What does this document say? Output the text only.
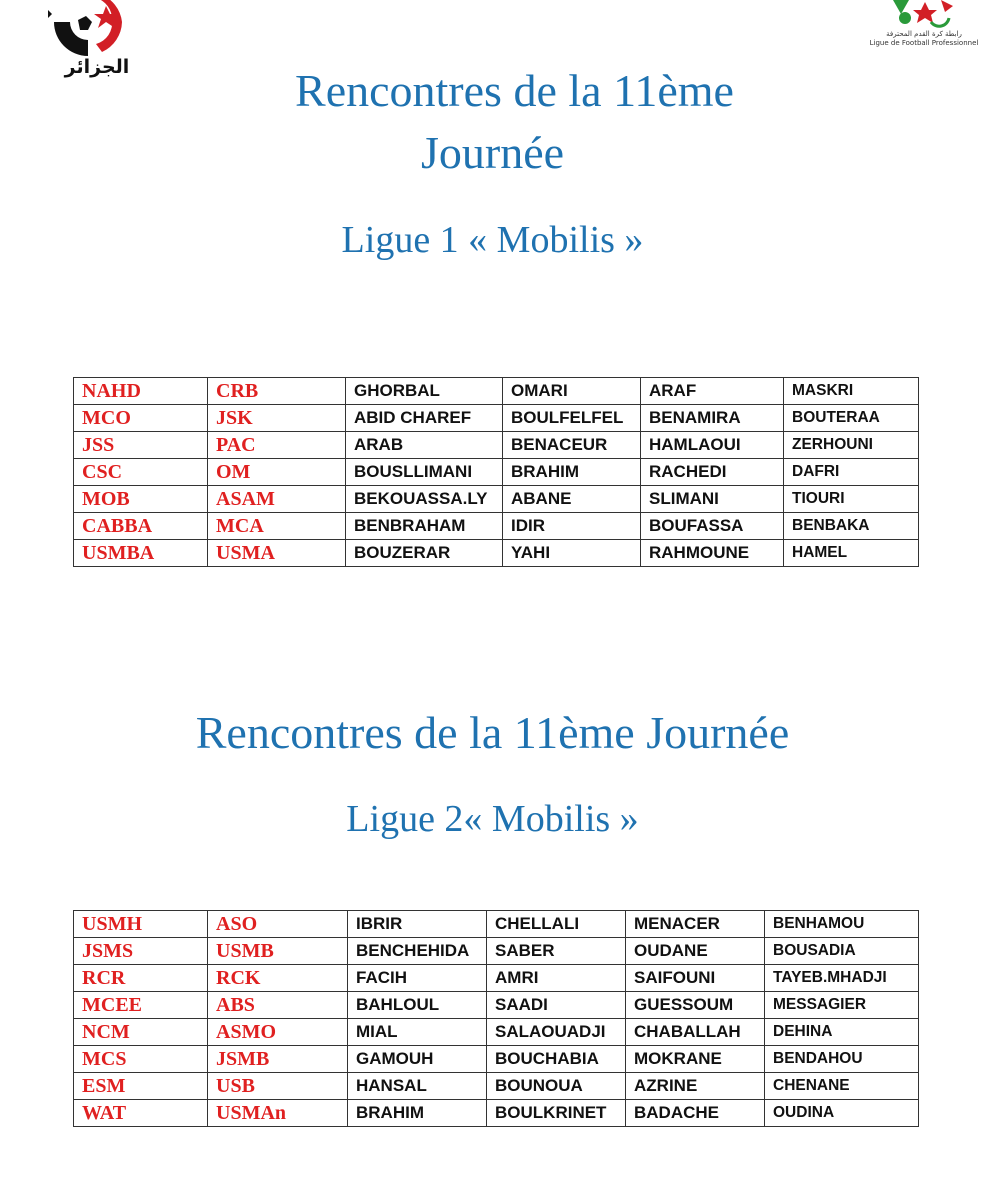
الجزائر
رابطة كرة القدم المحترفة
Ligue de Football Professionnel
Rencontres de la 11ème
Journée
Ligue 1 « Mobilis »
NAHD	CRB	GHORBAL	OMARI	ARAF	MASKRI
MCO	JSK	ABID CHAREF	BOULFELFEL	BENAMIRA	BOUTERAA
JSS	PAC	ARAB	BENACEUR	HAMLAOUI	ZERHOUNI
CSC	OM	BOUSLLIMANI	BRAHIM	RACHEDI	DAFRI
MOB	ASAM	BEKOUASSA.LY	ABANE	SLIMANI	TIOURI
CABBA	MCA	BENBRAHAM	IDIR	BOUFASSA	BENBAKA
USMBA	USMA	BOUZERAR	YAHI	RAHMOUNE	HAMEL
Rencontres de la 11ème Journée
Ligue 2« Mobilis »
USMH	ASO	IBRIR	CHELLALI	MENACER	BENHAMOU
JSMS	USMB	BENCHEHIDA	SABER	OUDANE	BOUSADIA
RCR	RCK	FACIH	AMRI	SAIFOUNI	TAYEB.MHADJI
MCEE	ABS	BAHLOUL	SAADI	GUESSOUM	MESSAGIER
NCM	ASMO	MIAL	SALAOUADJI	CHABALLAH	DEHINA
MCS	JSMB	GAMOUH	BOUCHABIA	MOKRANE	BENDAHOU
ESM	USB	HANSAL	BOUNOUA	AZRINE	CHENANE
WAT	USMAn	BRAHIM	BOULKRINET	BADACHE	OUDINA
